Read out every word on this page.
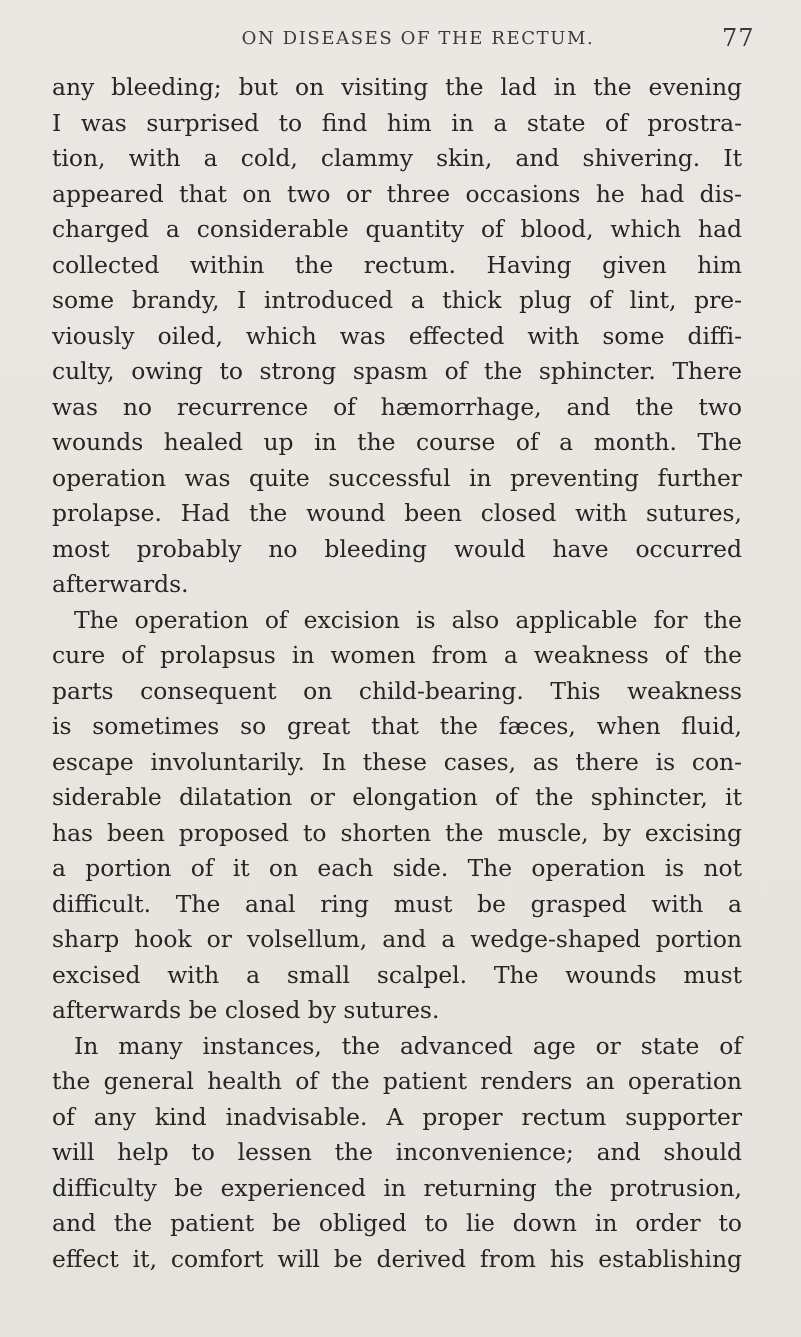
ON DISEASES OF THE RECTUM.	77
any bleeding; but on visiting the lad in the evening
I was surprised to find him in a state of prostra-
tion, with a cold, clammy skin, and shivering. It
appeared that on two or three occasions he had dis-
charged a considerable quantity of blood, which had
collected within the rectum. Having given him
some brandy, I introduced a thick plug of lint, pre-
viously oiled, which was effected with some diffi-
culty, owing to strong spasm of the sphincter. There
was no recurrence of hæmorrhage, and the two
wounds healed up in the course of a month. The
operation was quite successful in preventing further
prolapse. Had the wound been closed with sutures,
most probably no bleeding would have occurred
afterwards.
The operation of excision is also applicable for the
cure of prolapsus in women from a weakness of the
parts consequent on child-bearing. This weakness
is sometimes so great that the fæces, when fluid,
escape involuntarily. In these cases, as there is con-
siderable dilatation or elongation of the sphincter, it
has been proposed to shorten the muscle, by excising
a portion of it on each side. The operation is not
difficult. The anal ring must be grasped with a
sharp hook or volsellum, and a wedge-shaped portion
excised with a small scalpel. The wounds must
afterwards be closed by sutures.
In many instances, the advanced age or state of
the general health of the patient renders an operation
of any kind inadvisable. A proper rectum supporter
will help to lessen the inconvenience; and should
difficulty be experienced in returning the protrusion,
and the patient be obliged to lie down in order to
effect it, comfort will be derived from his establishing
